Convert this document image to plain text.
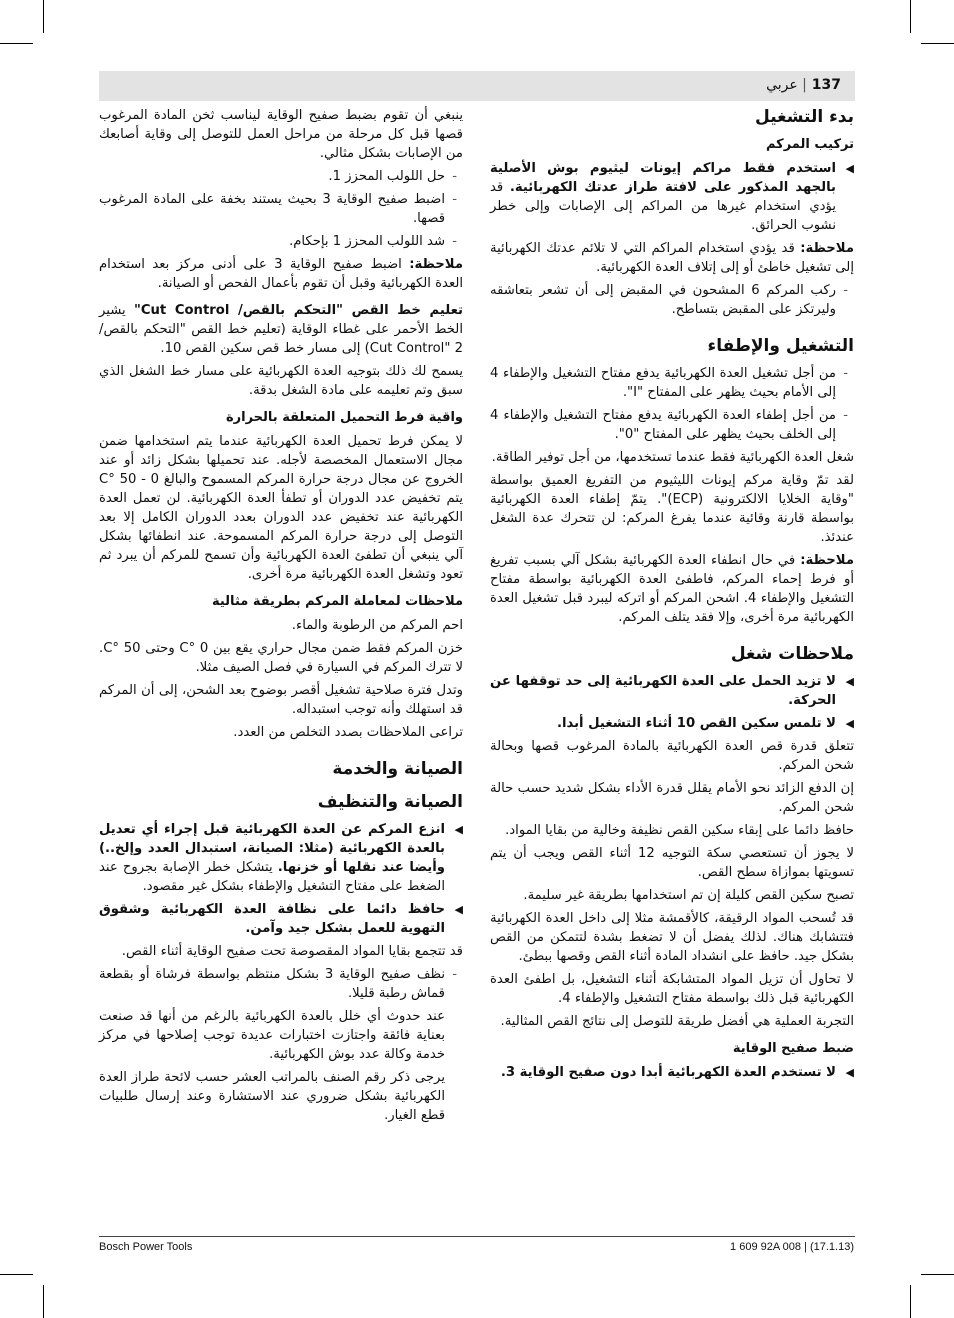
137 | عربي
بدء التشغيل
تركيب المركم

◀ استخدم فقط مراكم إيونات ليثيوم بوش الأصلية بالجهد المذكور على لافتة طراز عدتك الكهربائية. قد يؤدي استخدام غيرها من المراكم إلى الإصابات وإلى خطر نشوب الحرائق.

ملاحظة: قد يؤدي استخدام المراكم التي لا تلائم عدتك الكهربائية إلى تشغيل خاطئ أو إلى إتلاف العدة الكهربائية.

- ركب المركم 6 المشحون في المقبض إلى أن تشعر بتعاشقه وليرتكز على المقبض بتساطح.

التشغيل والإطفاء

- من أجل تشغيل العدة الكهربائية يدفع مفتاح التشغيل والإطفاء 4 إلى الأمام بحيث يظهر على المفتاح "I".

- من أجل إطفاء العدة الكهربائية يدفع مفتاح التشغيل والإطفاء 4 إلى الخلف بحيث يظهر على المفتاح "0".

شغل العدة الكهربائية فقط عندما تستخدمها، من أجل توفير الطاقة.

لقد تمّ وقاية مركم إيونات الليثيوم من التفريغ العميق بواسطة "وقاية الخلايا الالكترونية (ECP)". يتمّ إطفاء العدة الكهربائية بواسطة قارنة وقائية عندما يفرغ المركم: لن تتحرك عدة الشغل عندئذ.

ملاحظة: في حال انطفاء العدة الكهربائية بشكل آلي بسبب تفريغ أو فرط إحماء المركم، فاطفئ العدة الكهربائية بواسطة مفتاح التشغيل والإطفاء 4. اشحن المركم أو اتركه ليبرد قبل تشغيل العدة الكهربائية مرة أخرى، وإلا فقد يتلف المركم.

ملاحظات شغل

◀ لا تزيد الحمل على العدة الكهربائية إلى حد توقفها عن الحركة.

◀ لا تلمس سكين القص 10 أثناء التشغيل أبدا.

تتعلق قدرة قص العدة الكهربائية بالمادة المرغوب قصها وبحالة شحن المركم.

إن الدفع الزائد نحو الأمام يقلل قدرة الأداء بشكل شديد حسب حالة شحن المركم.

حافظ دائما على إبقاء سكين القص نظيفة وخالية من بقايا المواد.

لا يجوز أن تستعصي سكة التوجيه 12 أثناء القص ويجب أن يتم تسويتها بموازاة سطح القص.

تصبح سكين القص كليلة إن تم استخدامها بطريقة غير سليمة.

قد تُسحب المواد الرقيقة، كالأقمشة مثلا إلى داخل العدة الكهربائية فتتشابك هناك. لذلك يفضل أن لا تضغط بشدة لتتمكن من القص بشكل جيد. حافظ على انشداد المادة أثناء القص وقصها ببطئ.

لا تحاول أن تزيل المواد المتشابكة أثناء التشغيل، بل اطفئ العدة الكهربائية قبل ذلك بواسطة مفتاح التشغيل والإطفاء 4.

التجربة العملية هي أفضل طريقة للتوصل إلى نتائج القص المثالية.

ضبط صفيح الوقاية

◀ لا تستخدم العدة الكهربائية أبدا دون صفيح الوقاية 3.

ينبغي أن تقوم بضبط صفيح الوقاية ليناسب ثخن المادة المرغوب قصها قبل كل مرحلة من مراحل العمل للتوصل إلى وقاية أصابعك من الإصابات بشكل مثالي.

- حل اللولب المحزز 1.

- اضبط صفيح الوقاية 3 بحيث يستند بخفة على المادة المرغوب قصها.

- شد اللولب المحزز 1 بإحكام.

ملاحظة: اضبط صفيح الوقاية 3 على أدنى مركز بعد استخدام العدة الكهربائية وقبل أن تقوم بأعمال الفحص أو الصيانة.

تعليم خط القص "التحكم بالقص/ Cut Control" يشير الخط الأحمر على غطاء الوقاية (تعليم خط القص "التحكم بالقص/ 2 "Cut Control) إلى مسار خط قص سكين القص 10.

يسمح لك ذلك بتوجيه العدة الكهربائية على مسار خط الشغل الذي سبق وتم تعليمه على مادة الشغل بدقة.

واقية فرط التحميل المتعلقة بالحرارة

لا يمكن فرط تحميل العدة الكهربائية عندما يتم استخدامها ضمن مجال الاستعمال المخصصة لأجله. عند تحميلها بشكل زائد أو عند الخروج عن مجال درجة حرارة المركم المسموح والبالغ 0 - 50 °C يتم تخفيض عدد الدوران أو تطفأ العدة الكهربائية. لن تعمل العدة الكهربائية عند تخفيض عدد الدوران بعدد الدوران الكامل إلا بعد التوصل إلى درجة حرارة المركم المسموحة. عند انطفائها بشكل آلي ينبغي أن تطفئ العدة الكهربائية وأن تسمح للمركم أن يبرد ثم تعود وتشغل العدة الكهربائية مرة أخرى.

ملاحظات لمعاملة المركم بطريقة مثالية

احم المركم من الرطوبة والماء.

خزن المركم فقط ضمن مجال حراري يقع بين 0 °C وحتى 50 °C. لا تترك المركم في السيارة في فصل الصيف مثلا.

وتدل فترة صلاحية تشغيل أقصر بوضوح بعد الشحن، إلى أن المركم قد استهلك وأنه توجب استبداله.

تراعى الملاحظات بصدد التخلص من العدد.

الصيانة والخدمة
الصيانة والتنظيف

◀ انزع المركم عن العدة الكهربائية قبل إجراء أي تعديل بالعدة الكهربائية (مثلا: الصيانة، استبدال العدد وإلخ..) وأيضا عند نقلها أو خزنها. يتشكل خطر الإصابة بجروح عند الضغط على مفتاح التشغيل والإطفاء بشكل غير مقصود.

◀ حافظ دائما على نظافة العدة الكهربائية وشقوق التهوية للعمل بشكل جيد وآمن.

قد تتجمع بقايا المواد المقصوصة تحت صفيح الوقاية أثناء القص.

- نظف صفيح الوقاية 3 بشكل منتظم بواسطة فرشاة أو بقطعة قماش رطبة قليلا.

عند حدوث أي خلل بالعدة الكهربائية بالرغم من أنها قد صنعت بعناية فائقة واجتازت اختبارات عديدة توجب إصلاحها في مركز خدمة وكالة عدد بوش الكهربائية.

يرجى ذكر رقم الصنف بالمراتب العشر حسب لائحة طراز العدة الكهربائية بشكل ضروري عند الاستشارة وعند إرسال طلبيات قطع الغيار.

Bosch Power Tools	1 609 92A 008 | (17.1.13)
